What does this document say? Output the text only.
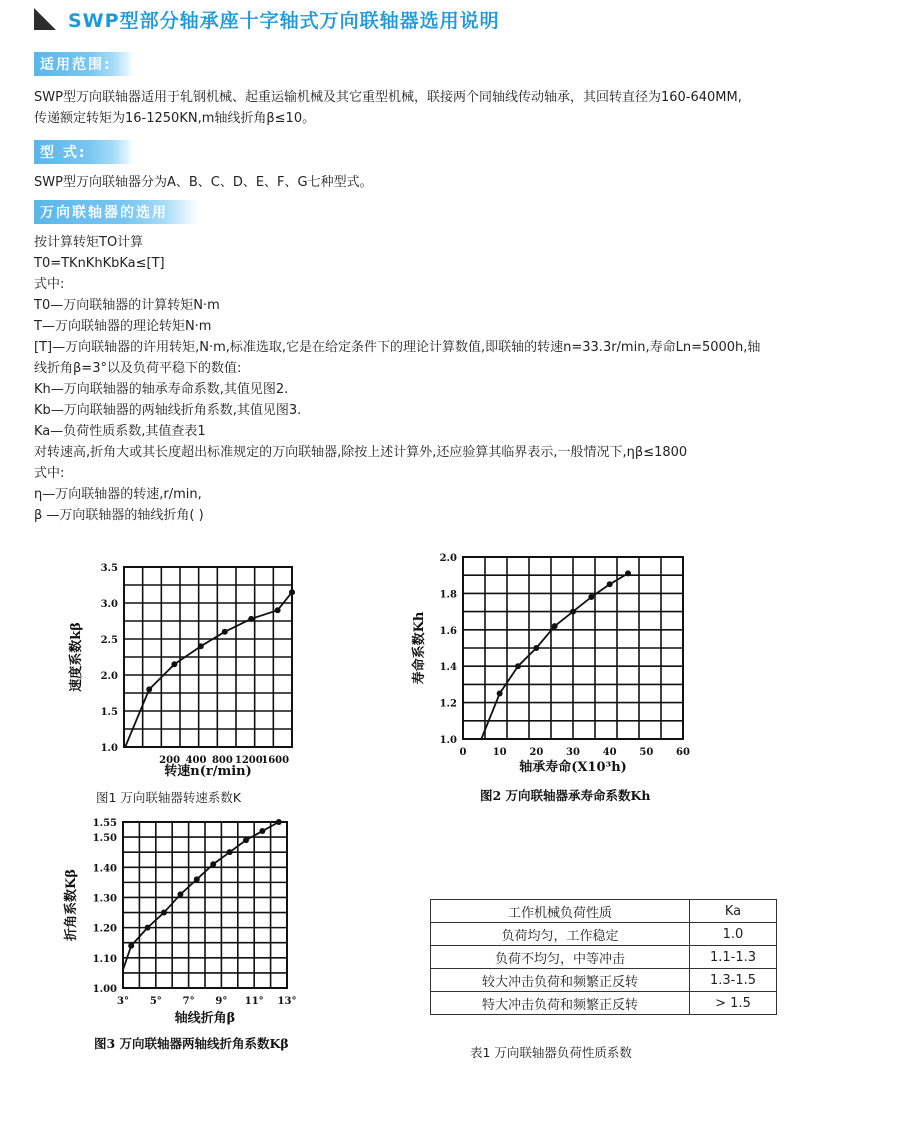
SWP型部分轴承座十字轴式万向联轴器选用说明
适用范围:
SWP型万向联轴器适用于轧钢机械、起重运输机械及其它重型机械，联接两个同轴线传动轴承，其回转直径为160-640MM,
传递额定转矩为16-1250KN,m轴线折角β≤10。
型 式:
SWP型万向联轴器分为A、B、C、D、E、F、G七种型式。
万向联轴器的选用

按计算转矩TO计算

T0=TKnKhKbKa≤[T]

式中:

T0—万向联轴器的计算转矩N·m

T—万向联轴器的理论转矩N·m

[T]—万向联轴器的许用转矩,N·m,标准选取,它是在给定条件下的理论计算数值,即联轴的转速n=33.3r/min,寿命Ln=5000h,轴

线折角β=3°以及负荷平稳下的数值:

Kh—万向联轴器的轴承寿命系数,其值见图2.

Kb—万向联轴器的两轴线折角系数,其值见图3.

Ka—负荷性质系数,其值查表1

对转速高,折角大或其长度超出标准规定的万向联轴器,除按上述计算外,还应验算其临界表示,一般情况下,ηβ≤1800

式中:

η—万向联轴器的转速,r/min,

β —万向联轴器的轴线折角( )

1.0
1.5
2.0
2.5
3.0
3.5
200 400 800 1200
1600
转速n(r/min)
速度系数kβ
图1 万向联轴器转速系数K
1.0
1.2
1.4
1.6
1.8
2.0
0	10 20 30 40 50 60
轴承寿命(X10³h)
寿命系数Kh
图2 万向联轴器承寿命系数Kh
1.00
1.10
1.20
1.30
1.40
1.50
1.55
3° 5° 7° 9° 11° 13°
轴线折角β
折角系数Kβ
图3 万向联轴器两轴线折角系数Kβ
工作机械负荷性质	Ka
负荷均匀，工作稳定	1.0
负荷不均匀，中等冲击	1.1-1.3
较大冲击负荷和频繁正反转	1.3-1.5
特大冲击负荷和频繁正反转	> 1.5
表1 万向联轴器负荷性质系数
